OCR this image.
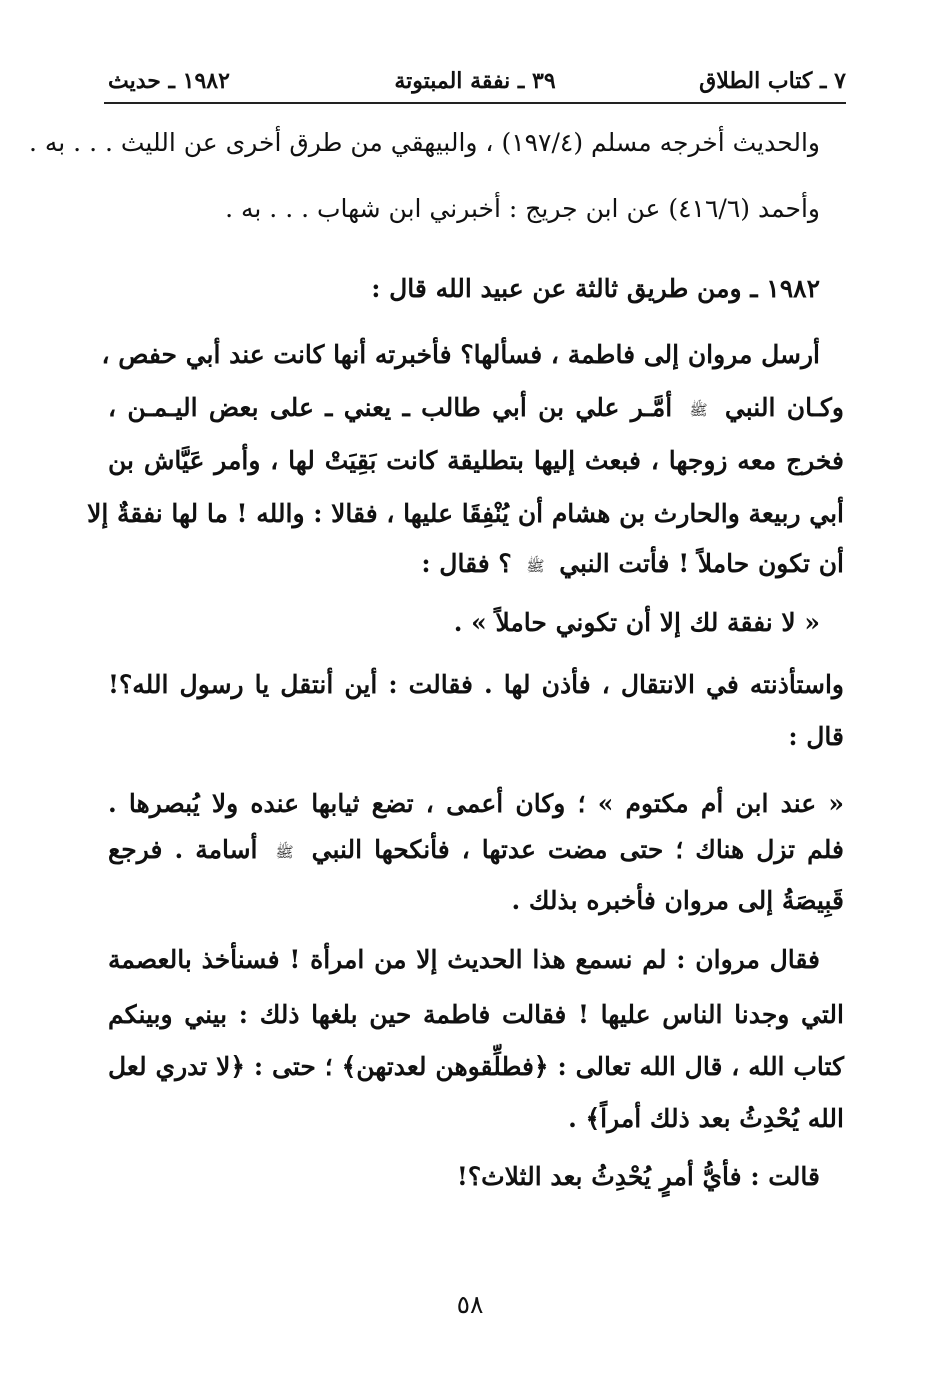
٧ ـ كتاب الطلاق
٣٩ ـ نفقة المبتوتة
١٩٨٢ ـ حديث
والحديث أخرجه مسلم (١٩٧/٤) ، والبيهقي من طرق أخرى عن الليث . . . به .
وأحمد (٤١٦/٦) عن ابن جريج : أخبرني ابن شهاب . . . به .
١٩٨٢ ـ ومن طريق ثالثة عن عبيد الله قال :
أرسل مروان إلى فاطمة ، فسألها؟ فأخبرته أنها كانت عند أبي حفص ،
وكـان النبي ﷺ أمَّـر علي بن أبي طالب ـ يعني ـ على بعض اليـمـن ،
فخرج معه زوجها ، فبعث إليها بتطليقة كانت بَقِيَتْ لها ، وأمر عَيَّاش بن
أبي ربيعة والحارث بن هشام أن يُنْفِقَا عليها ، فقالا : والله ! ما لها نفقةٌ إلا
أن تكون حاملاً ! فأتت النبي ﷺ ؟ فقال :
« لا نفقة لك إلا أن تكوني حاملاً » .
واستأذنته في الانتقال ، فأذن لها . فقالت : أين أنتقل يا رسول الله؟!
قال :
« عند ابن أم مكتوم » ؛ وكان أعمى ، تضع ثيابها عنده ولا يُبصرها .
فلم تزل هناك ؛ حتى مضت عدتها ، فأنكحها النبي ﷺ أسامة . فرجع
قَبِيصَةُ إلى مروان فأخبره بذلك .
فقال مروان : لم نسمع هذا الحديث إلا من امرأة ! فسنأخذ بالعصمة
التي وجدنا الناس عليها ! فقالت فاطمة حين بلغها ذلك : بيني وبينكم
كتاب الله ، قال الله تعالى : ﴿فطلِّقوهن لعدتهن﴾ ؛ حتى : ﴿لا تدري لعل
الله يُحْدِثُ بعد ذلك أمراً﴾ .
قالت : فأيُّ أمرٍ يُحْدِثُ بعد الثلاث؟!
٥٨
